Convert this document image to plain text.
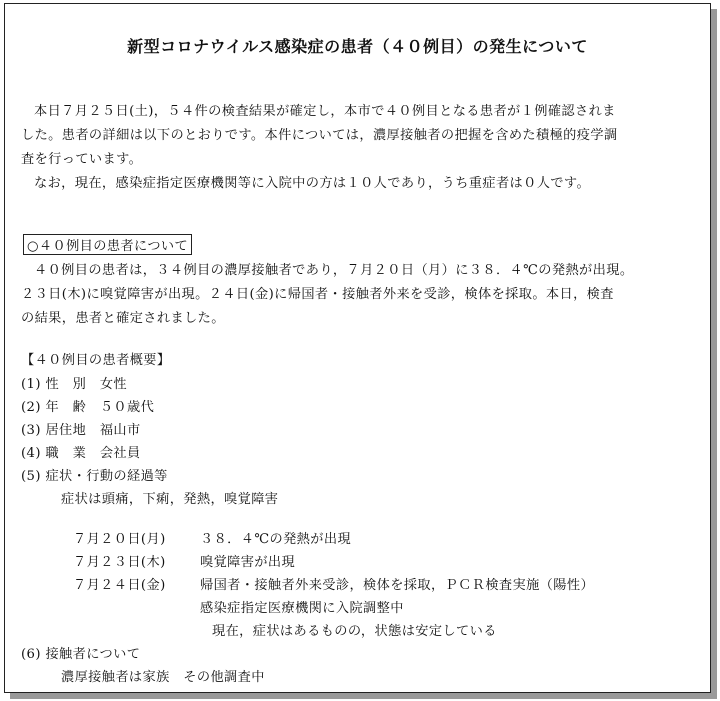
新型コロナウイルス感染症の患者（４０例目）の発生について
本日７月２５日(土)，５４件の検査結果が確定し，本市で４０例目となる患者が１例確認されま
した。患者の詳細は以下のとおりです。本件については，濃厚接触者の把握を含めた積極的疫学調
査を行っています。
なお，現在，感染症指定医療機関等に入院中の方は１０人であり，うち重症者は０人です。
○４０例目の患者について
４０例目の患者は，３４例目の濃厚接触者であり，７月２０日（月）に３８．４℃の発熱が出現。
２３日(木)に嗅覚障害が出現。２４日(金)に帰国者・接触者外来を受診，検体を採取。本日，検査
の結果，患者と確定されました。
【４０例目の患者概要】
(1) 性　別　女性
(2) 年　齢　５０歳代
(3) 居住地　福山市
(4) 職　業　会社員
(5) 症状・行動の経過等
症状は頭痛，下痢，発熱，嗅覚障害
７月２０日(月)	３８．４℃の発熱が出現
７月２３日(木)	嗅覚障害が出現
７月２４日(金)	帰国者・接触者外来受診，検体を採取，ＰＣＲ検査実施（陽性）
感染症指定医療機関に入院調整中
現在，症状はあるものの，状態は安定している
(6) 接触者について
濃厚接触者は家族　その他調査中
